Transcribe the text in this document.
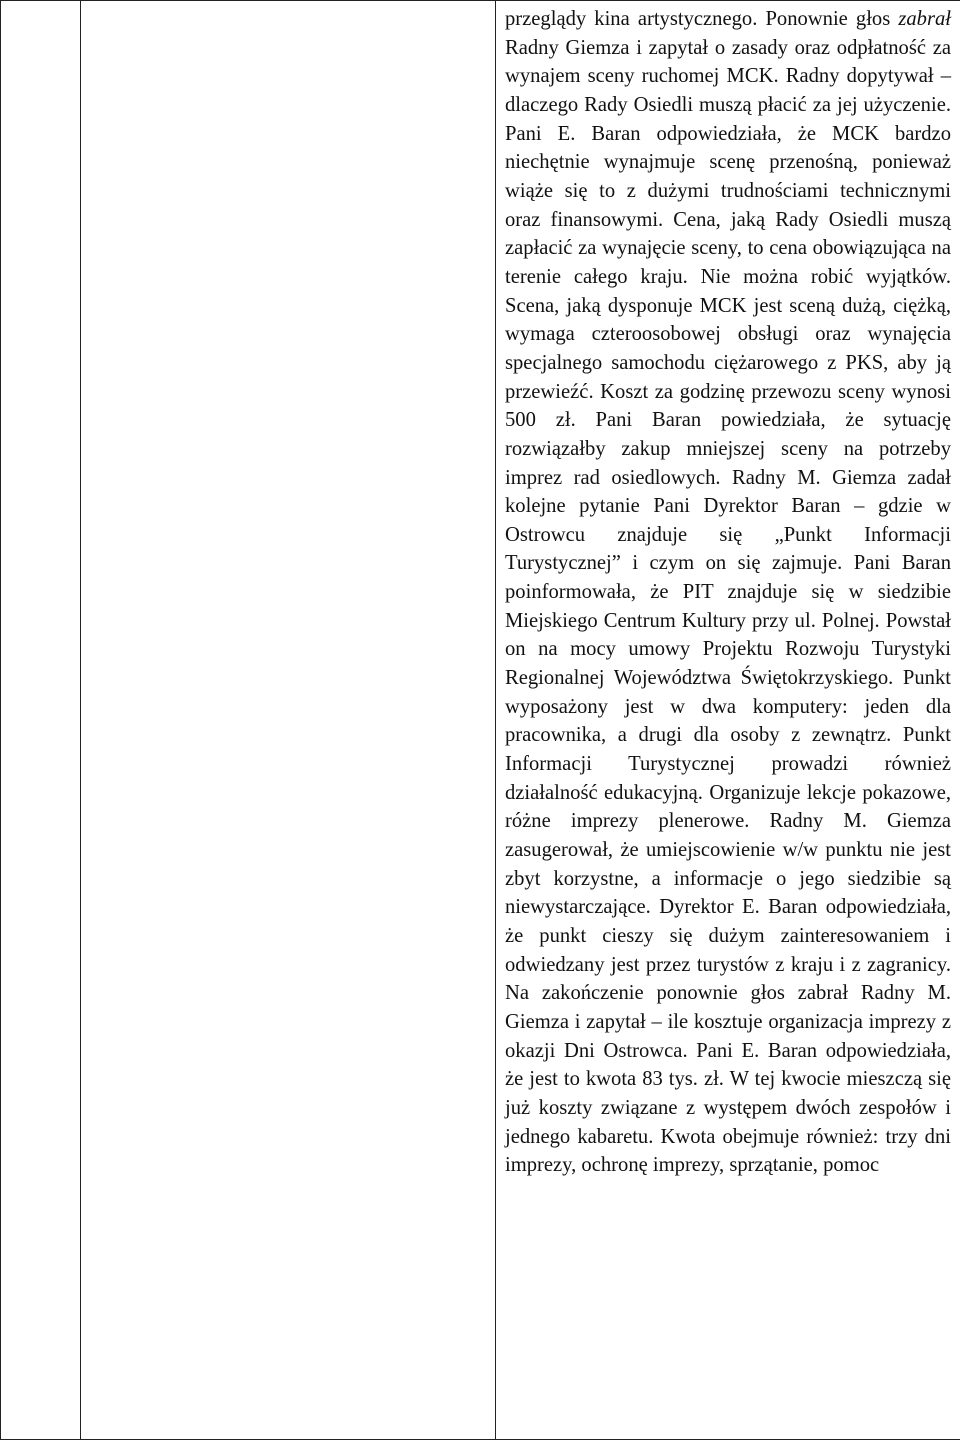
przeglądy kina artystycznego. Ponownie głos zabrał Radny Giemza i zapytał o zasady oraz odpłatność za wynajem sceny ruchomej MCK. Radny dopytywał – dlaczego Rady Osiedli muszą płacić za jej użyczenie. Pani E. Baran odpowiedziała, że MCK bardzo niechętnie wynajmuje scenę przenośną, ponieważ wiąże się to z dużymi trudnościami technicznymi oraz finansowymi. Cena, jaką Rady Osiedli muszą zapłacić za wynajęcie sceny, to cena obowiązująca na terenie całego kraju. Nie można robić wyjątków. Scena, jaką dysponuje MCK jest sceną dużą, ciężką, wymaga czteroosobowej obsługi oraz wynajęcia specjalnego samochodu ciężarowego z PKS, aby ją przewieźć. Koszt za godzinę przewozu sceny wynosi 500 zł. Pani Baran powiedziała, że sytuację rozwiązałby zakup mniejszej sceny na potrzeby imprez rad osiedlowych. Radny M. Giemza zadał kolejne pytanie Pani Dyrektor Baran – gdzie w Ostrowcu znajduje się „Punkt Informacji Turystycznej” i czym on się zajmuje. Pani Baran poinformowała, że PIT znajduje się w siedzibie Miejskiego Centrum Kultury przy ul. Polnej. Powstał on na mocy umowy Projektu Rozwoju Turystyki Regionalnej Województwa Świętokrzyskiego. Punkt wyposażony jest w dwa komputery: jeden dla pracownika, a drugi dla osoby z zewnątrz. Punkt Informacji Turystycznej prowadzi również działalność edukacyjną. Organizuje lekcje pokazowe, różne imprezy plenerowe. Radny M. Giemza zasugerował, że umiejscowienie w/w punktu nie jest zbyt korzystne, a informacje o jego siedzibie są niewystarczające. Dyrektor E. Baran odpowiedziała, że punkt cieszy się dużym zainteresowaniem i odwiedzany jest przez turystów z kraju i z zagranicy. Na zakończenie ponownie głos zabrał Radny M. Giemza i zapytał – ile kosztuje organizacja imprezy z okazji Dni Ostrowca. Pani E. Baran odpowiedziała, że jest to kwota 83 tys. zł. W tej kwocie mieszczą się już koszty związane z występem dwóch zespołów i jednego kabaretu. Kwota obejmuje również: trzy dni imprezy, ochronę imprezy, sprzątanie, pomoc
